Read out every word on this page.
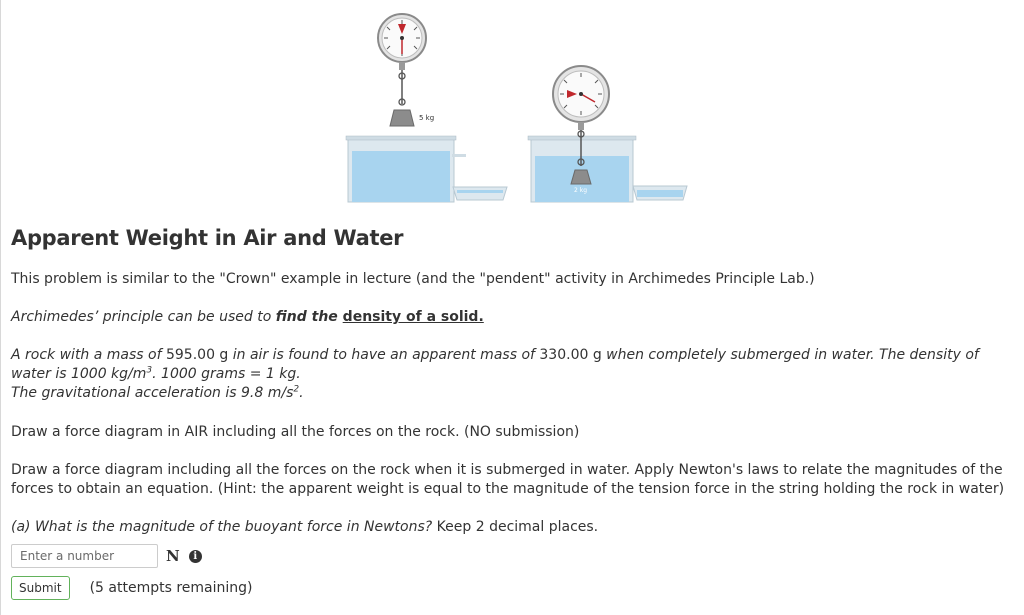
5 kg
2 kg
Apparent Weight in Air and Water

This problem is similar to the "Crown" example in lecture (and the "pendent" activity in Archimedes Principle Lab.)

Archimedes’ principle can be used to find the density of a solid.

A rock with a mass of 595.00 g in air is found to have an apparent mass of 330.00 g when completely submerged in water. The density of water is 1000 $kg/m^3$. 1000 grams = 1 kg.
The gravitational acceleration is 9.8 $m/s^2$.

Draw a force diagram in AIR including all the forces on the rock. (NO submission)

Draw a force diagram including all the forces on the rock when it is submerged in water. Apply Newton's laws to relate the magnitudes of the forces to obtain an equation. (Hint: the apparent weight is equal to the magnitude of the tension force in the string holding the rock in water)

(a) What is the magnitude of the buoyant force in Newtons? Keep 2 decimal places.

Enter a number
N	i
Submit	(5 attempts remaining)
